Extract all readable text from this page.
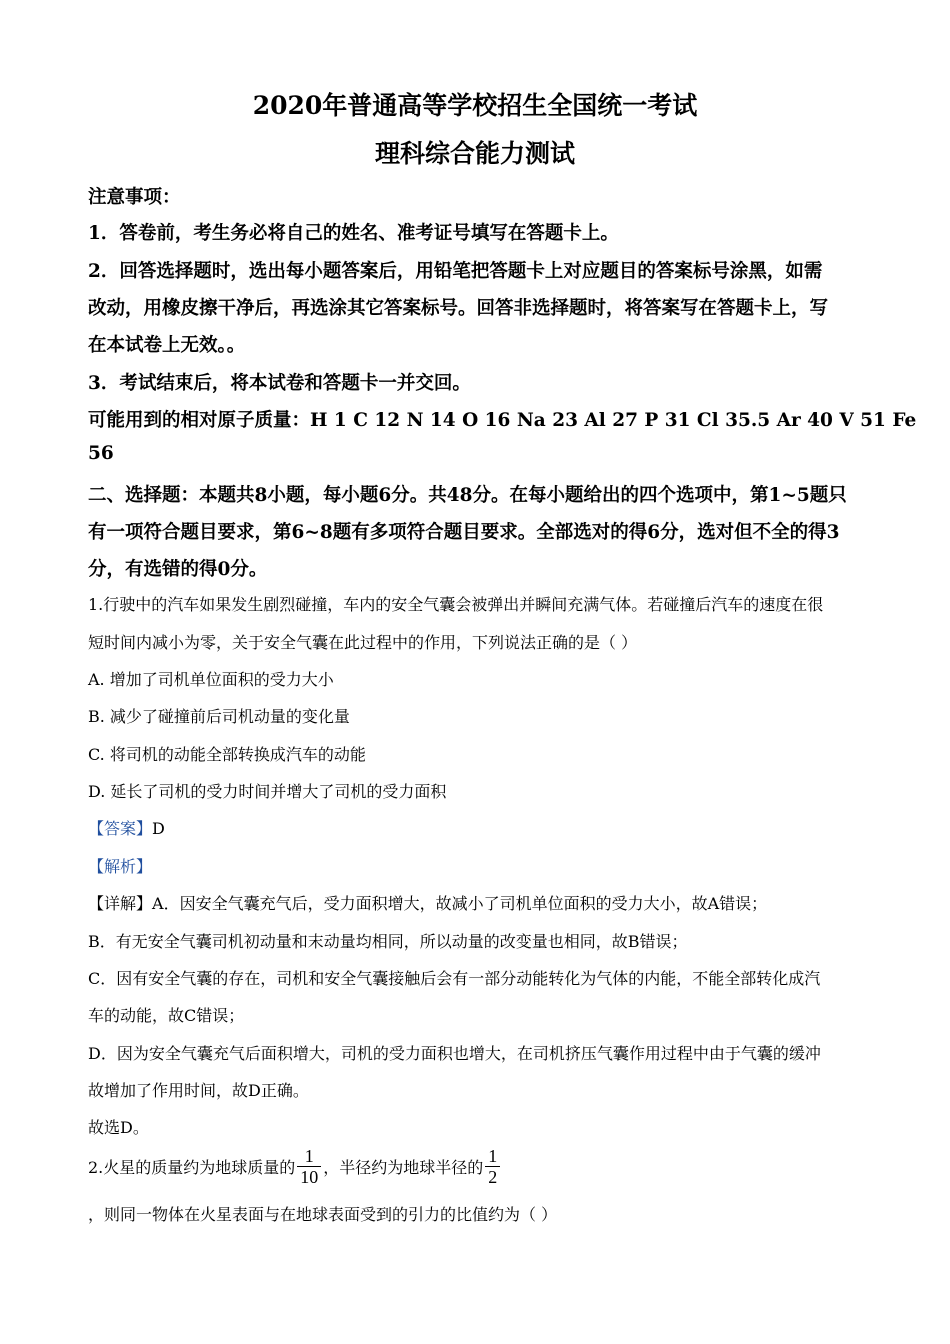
2020年普通高等学校招生全国统一考试
理科综合能力测试
注意事项：
1．答卷前，考生务必将自己的姓名、准考证号填写在答题卡上。
2．回答选择题时，选出每小题答案后，用铅笔把答题卡上对应题目的答案标号涂黑，如需
改动，用橡皮擦干净后，再选涂其它答案标号。回答非选择题时，将答案写在答题卡上，写
在本试卷上无效。。
3．考试结束后，将本试卷和答题卡一并交回。
可能用到的相对原子质量：H 1 C 12 N 14 O 16 Na 23 Al 27 P 31 Cl 35.5 Ar 40 V 51 Fe
56
二、选择题：本题共8小题，每小题6分。共48分。在每小题给出的四个选项中，第1~5题只
有一项符合题目要求，第6~8题有多项符合题目要求。全部选对的得6分，选对但不全的得3
分，有选错的得0分。
1.行驶中的汽车如果发生剧烈碰撞，车内的安全气囊会被弹出并瞬间充满气体。若碰撞后汽车的速度在很
短时间内减小为零，关于安全气囊在此过程中的作用，下列说法正确的是（ ）
A. 增加了司机单位面积的受力大小
B. 减少了碰撞前后司机动量的变化量
C. 将司机的动能全部转换成汽车的动能
D. 延长了司机的受力时间并增大了司机的受力面积
【答案】D
【解析】
【详解】A．因安全气囊充气后，受力面积增大，故减小了司机单位面积的受力大小，故A错误；
B．有无安全气囊司机初动量和末动量均相同，所以动量的改变量也相同，故B错误；
C．因有安全气囊的存在，司机和安全气囊接触后会有一部分动能转化为气体的内能，不能全部转化成汽
车的动能，故C错误；
D．因为安全气囊充气后面积增大，司机的受力面积也增大，在司机挤压气囊作用过程中由于气囊的缓冲
故增加了作用时间，故D正确。
故选D。
2.火星的质量约为地球质量的 $\frac{1}{10}$ ，半径约为地球半径的 $\frac{1}{2}$
，则同一物体在火星表面与在地球表面受到的引力的比值约为（ ）
